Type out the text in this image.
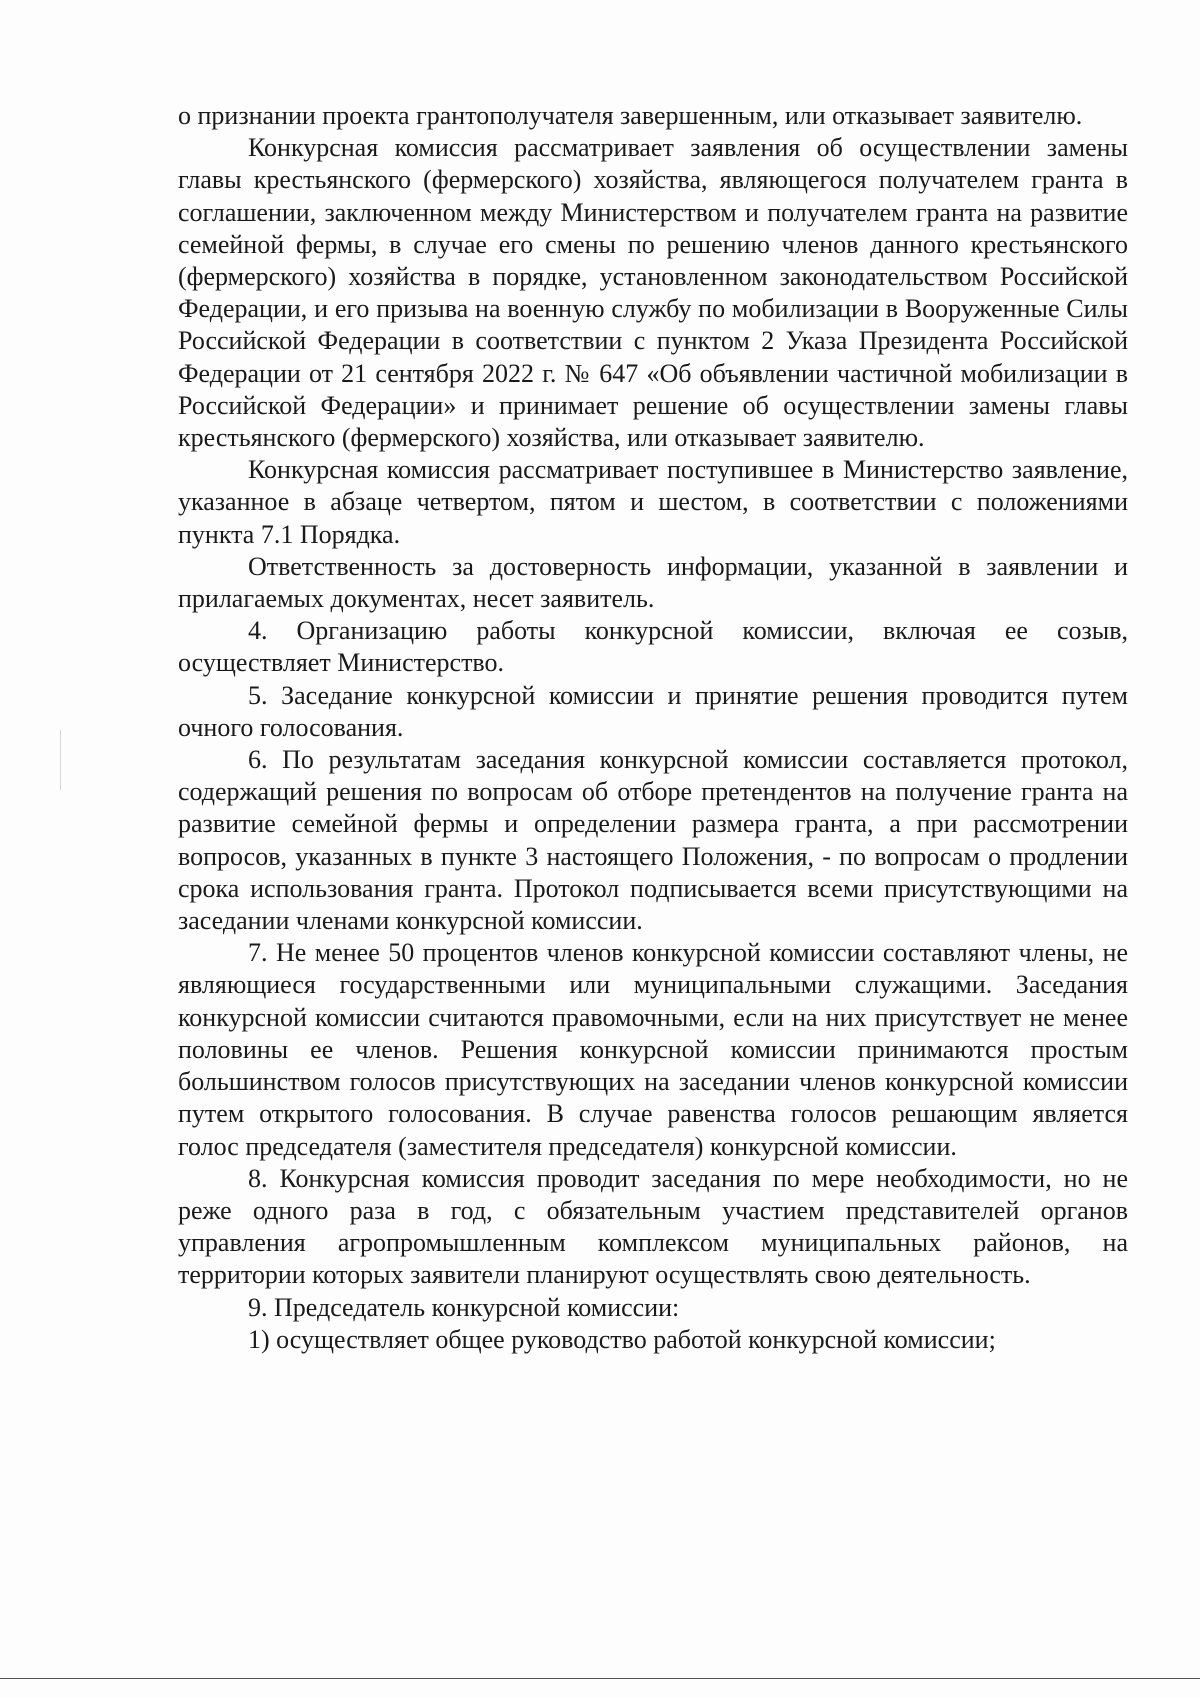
о признании проекта грантополучателя завершенным, или отказывает заявителю.

Конкурсная комиссия рассматривает заявления об осуществлении замены главы крестьянского (фермерского) хозяйства, являющегося получателем гранта в соглашении, заключенном между Министерством и получателем гранта на развитие семейной фермы, в случае его смены по решению членов данного крестьянского (фермерского) хозяйства в порядке, установленном законодательством Российской Федерации, и его призыва на военную службу по мобилизации в Вооруженные Силы Российской Федерации в соответствии с пунктом 2 Указа Президента Российской Федерации от 21 сентября 2022 г. № 647 «Об объявлении частичной мобилизации в Российской Федерации» и принимает решение об осуществлении замены главы крестьянского (фермерского) хозяйства, или отказывает заявителю.

Конкурсная комиссия рассматривает поступившее в Министерство заявление, указанное в абзаце четвертом, пятом и шестом, в соответствии с положениями пункта 7.1 Порядка.

Ответственность за достоверность информации, указанной в заявлении и прилагаемых документах, несет заявитель.

4. Организацию работы конкурсной комиссии, включая ее созыв, осуществляет Министерство.

5. Заседание конкурсной комиссии и принятие решения проводится путем очного голосования.

6. По результатам заседания конкурсной комиссии составляется протокол, содержащий решения по вопросам об отборе претендентов на получение гранта на развитие семейной фермы и определении размера гранта, а при рассмотрении вопросов, указанных в пункте 3 настоящего Положения, - по вопросам о продлении срока использования гранта. Протокол подписывается всеми присутствующими на заседании членами конкурсной комиссии.

7. Не менее 50 процентов членов конкурсной комиссии составляют члены, не являющиеся государственными или муниципальными служащими. Заседания конкурсной комиссии считаются правомочными, если на них присутствует не менее половины ее членов. Решения конкурсной комиссии принимаются простым большинством голосов присутствующих на заседании членов конкурсной комиссии путем открытого голосования. В случае равенства голосов решающим является голос председателя (заместителя председателя) конкурсной комиссии.

8. Конкурсная комиссия проводит заседания по мере необходимости, но не реже одного раза в год, с обязательным участием представителей органов управления агропромышленным комплексом муниципальных районов, на территории которых заявители планируют осуществлять свою деятельность.

9. Председатель конкурсной комиссии:

1) осуществляет общее руководство работой конкурсной комиссии;
